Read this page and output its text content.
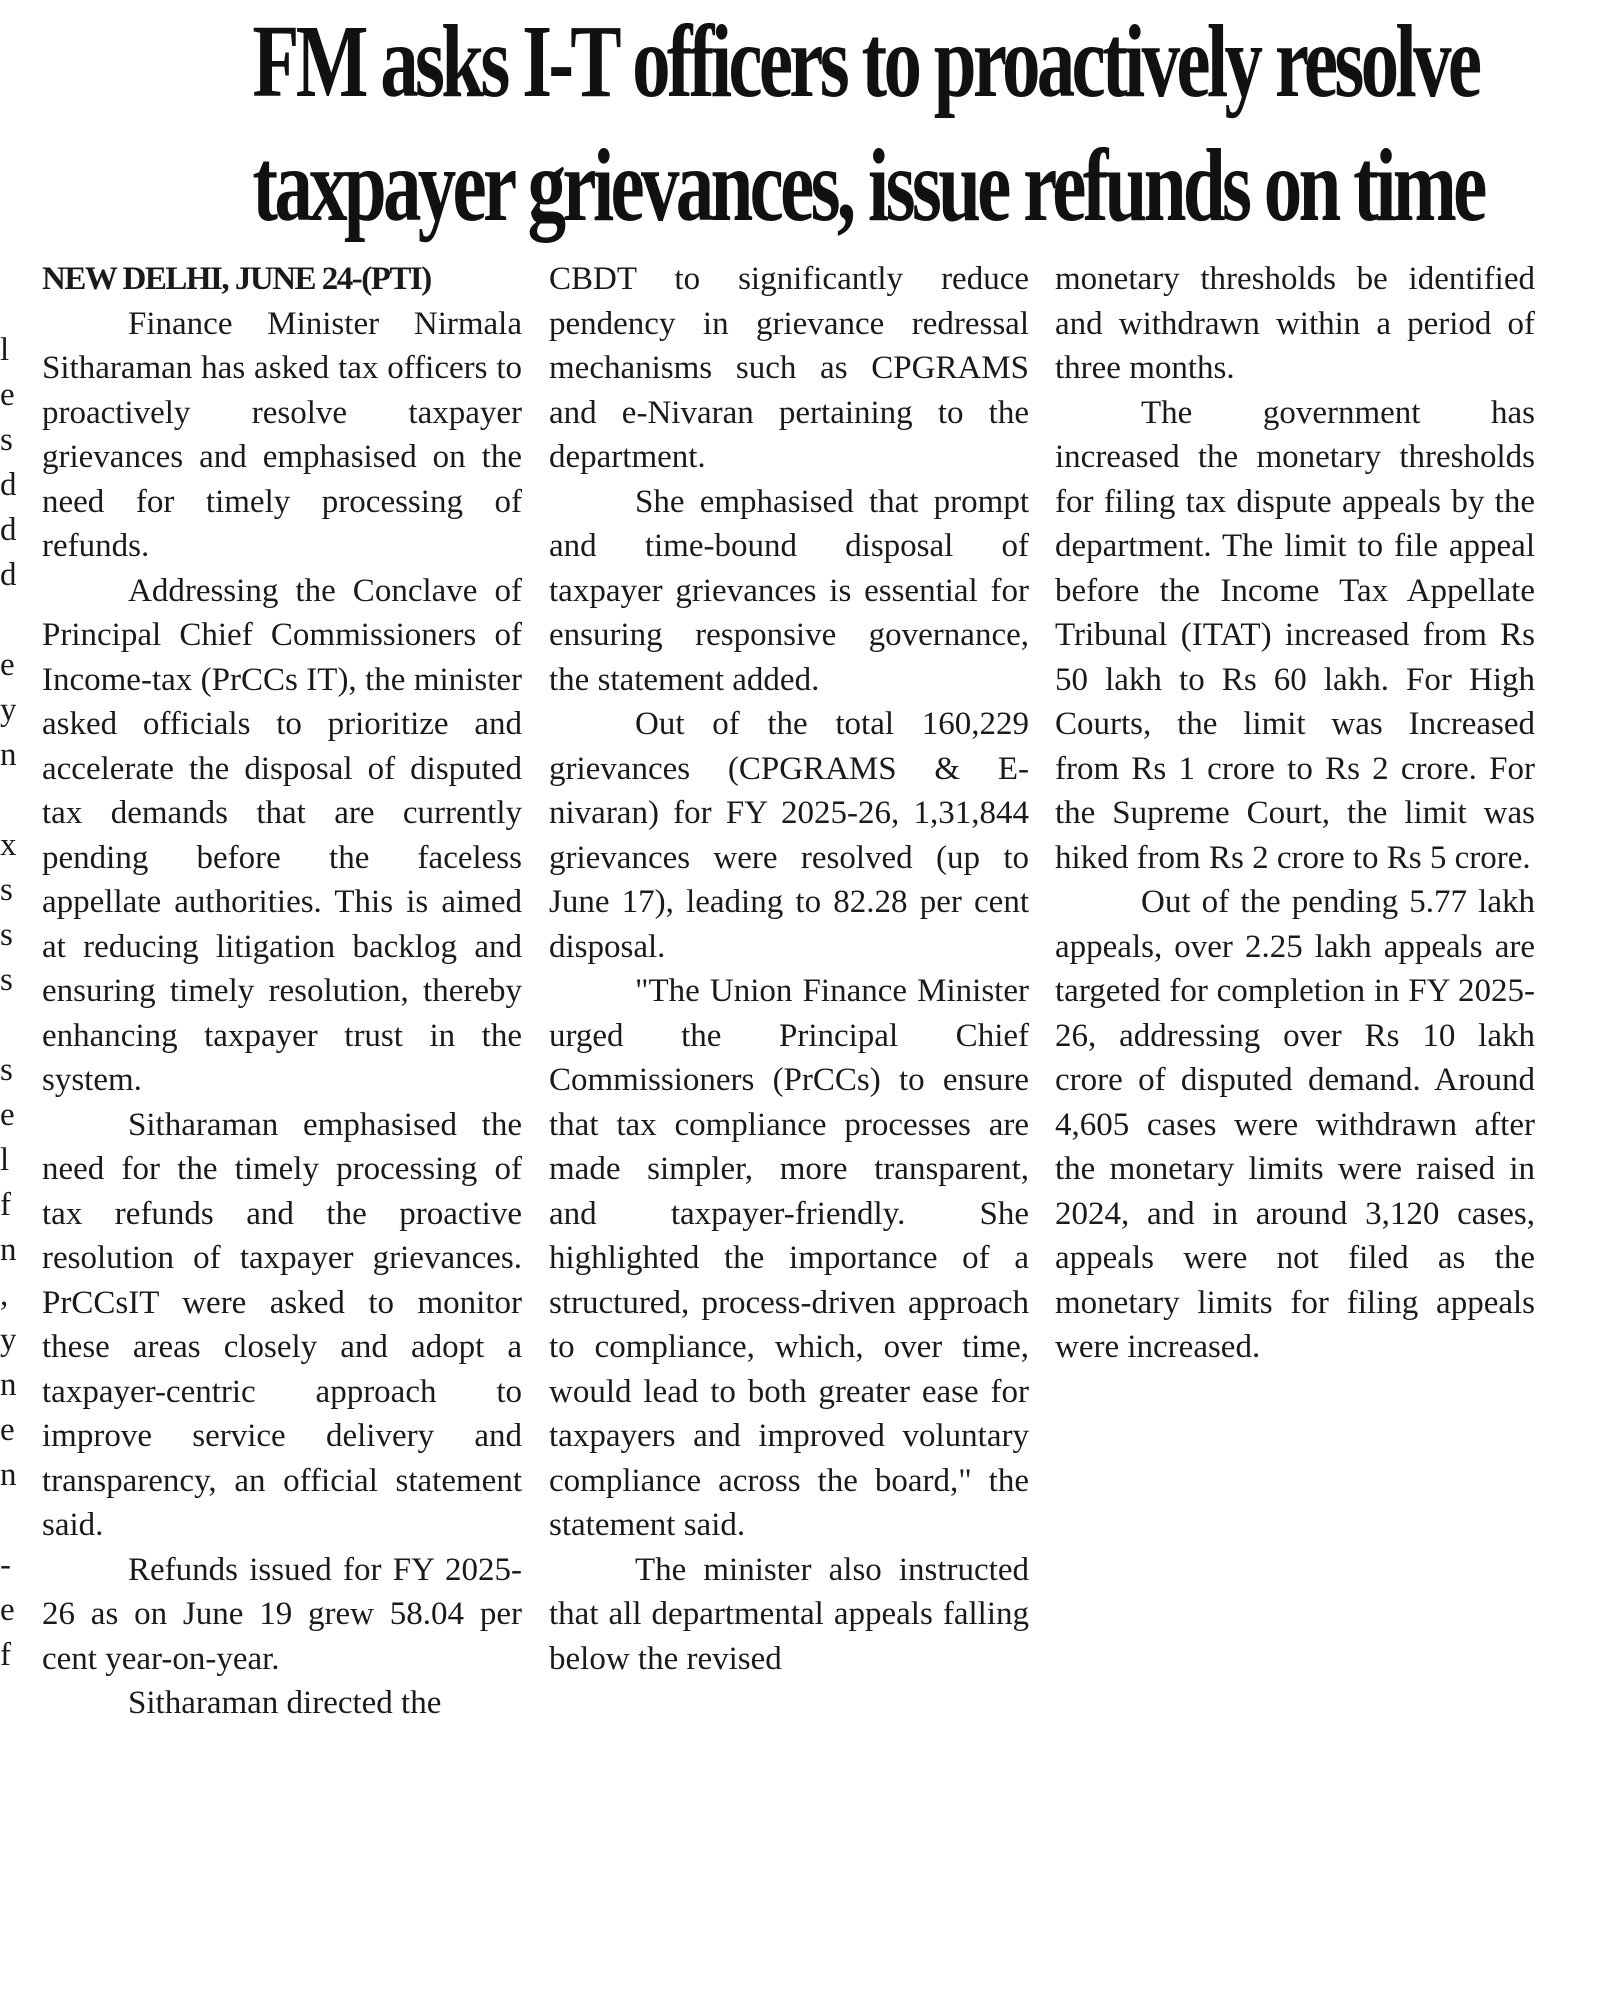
FM asks I-T officers to proactively resolve
taxpayer grievances, issue refunds on time
l
e
s
d
d
d
e
y
n
x
s
s
s
s
e
l
f
n
,
y
n
e
n
-
e
f

NEW DELHI, JUNE 24-(PTI)

Finance Minister Nirmala Sitharaman has asked tax officers to proactively resolve taxpayer grievances and emphasised on the need for timely processing of refunds.

Addressing the Conclave of Principal Chief Commissioners of Income-tax (PrCCs IT), the minister asked officials to prioritize and accelerate the disposal of disputed tax demands that are currently pending before the faceless appellate authorities. This is aimed at reducing litigation backlog and ensuring timely resolution, thereby enhancing taxpayer trust in the system.

Sitharaman emphasised the need for the timely processing of tax refunds and the proactive resolution of taxpayer grievances. PrCCsIT were asked to monitor these areas closely and adopt a taxpayer-centric approach to improve service delivery and transparency, an official statement said.

Refunds issued for FY 2025-26 as on June 19 grew 58.04 per cent year-on-year.

Sitharaman directed the

CBDT to significantly reduce pendency in grievance redressal mechanisms such as CPGRAMS and e-Nivaran pertaining to the department.

She emphasised that prompt and time-bound disposal of taxpayer grievances is essential for ensuring responsive governance, the statement added.

Out of the total 160,229 grievances (CPGRAMS & E-nivaran) for FY 2025-26, 1,31,844 grievances were resolved (up to June 17), leading to 82.28 per cent disposal.

"The Union Finance Minister urged the Principal Chief Commissioners (PrCCs) to ensure that tax compliance processes are made simpler, more transparent, and taxpayer-friendly. She highlighted the importance of a structured, process-driven approach to compliance, which, over time, would lead to both greater ease for taxpayers and improved voluntary compliance across the board," the statement said.

The minister also instructed that all departmental appeals falling below the revised

monetary thresholds be identified and withdrawn within a period of three months.

The government has increased the monetary thresholds for filing tax dispute appeals by the department. The limit to file appeal before the Income Tax Appellate Tribunal (ITAT) increased from Rs 50 lakh to Rs 60 lakh. For High Courts, the limit was Increased from Rs 1 crore to Rs 2 crore. For the Supreme Court, the limit was hiked from Rs 2 crore to Rs 5 crore.

Out of the pending 5.77 lakh appeals, over 2.25 lakh appeals are targeted for completion in FY 2025-26, addressing over Rs 10 lakh crore of disputed demand. Around 4,605 cases were withdrawn after the monetary limits were raised in 2024, and in around 3,120 cases, appeals were not filed as the monetary limits for filing appeals were increased.
